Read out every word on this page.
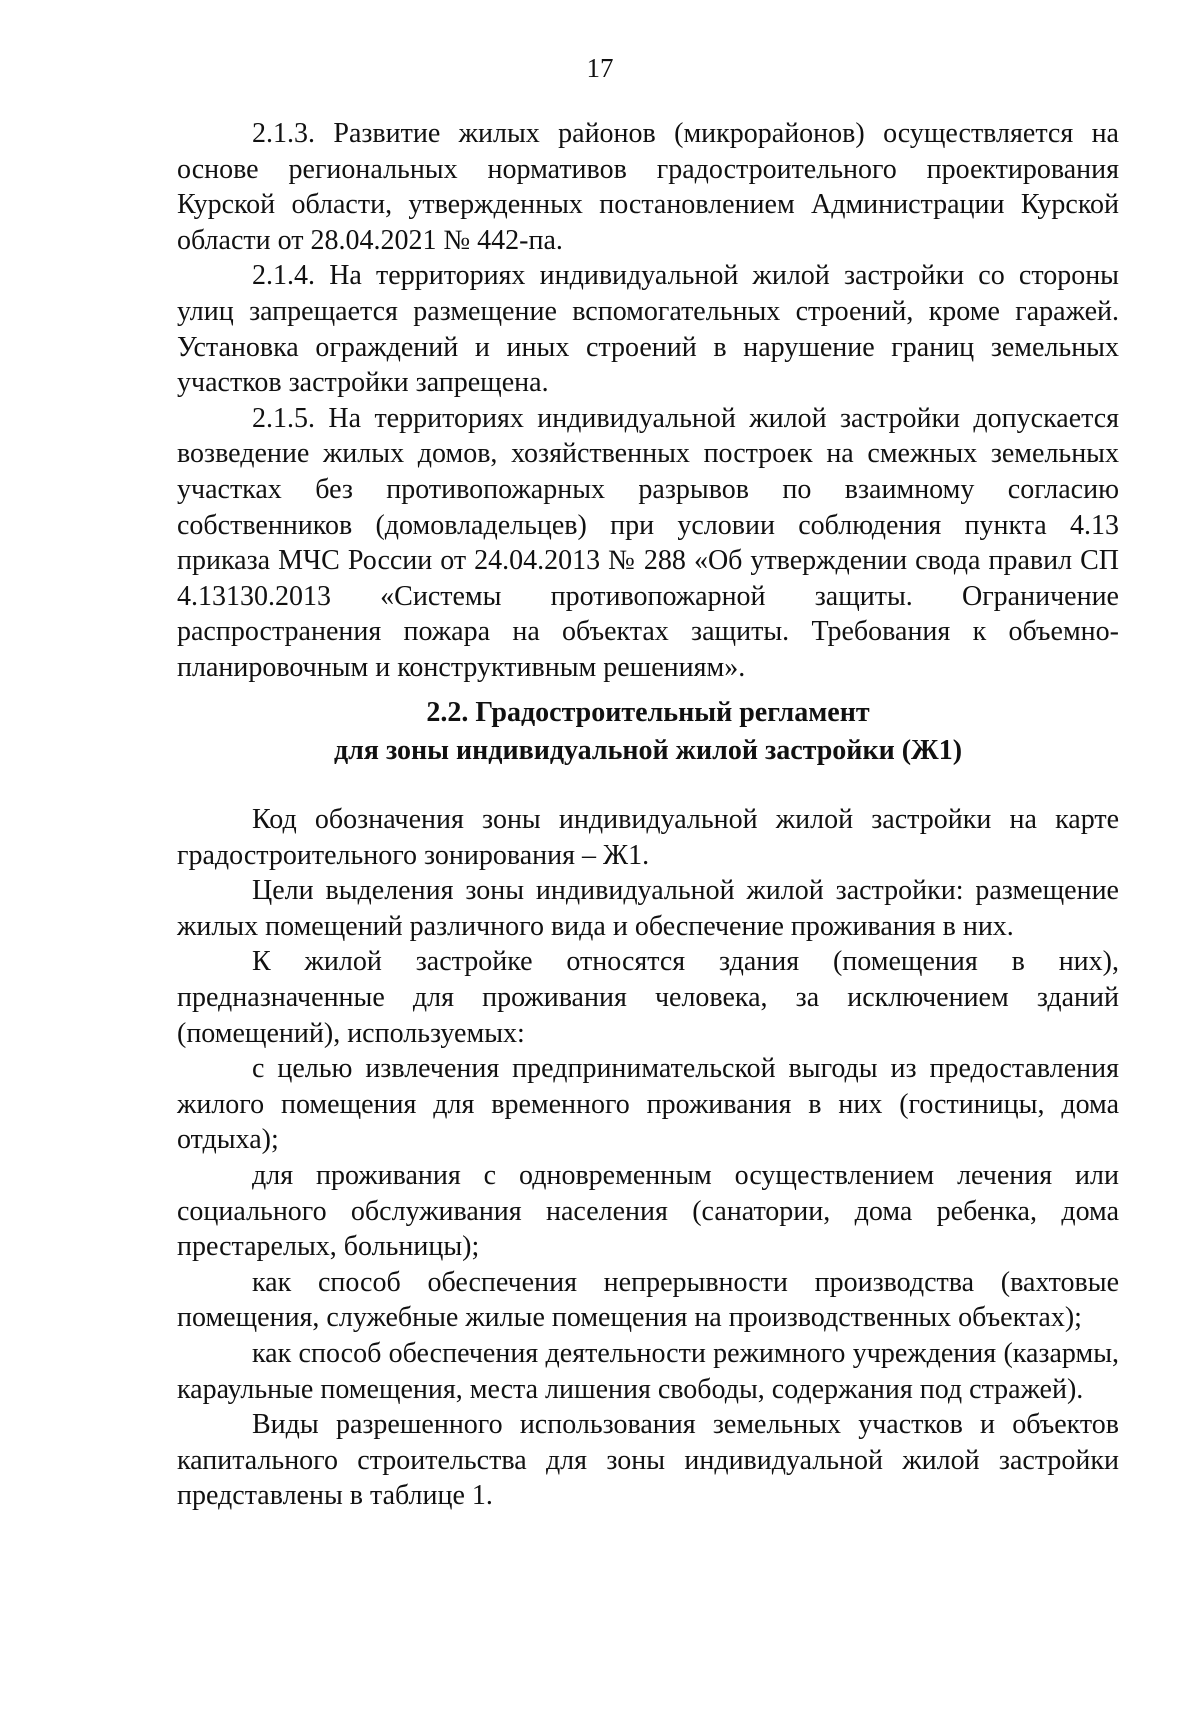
17

2.1.3. Развитие жилых районов (микрорайонов) осуществляется на основе региональных нормативов градостроительного проектирования Курской области, утвержденных постановлением Администрации Курской области от 28.04.2021 № 442-па.

2.1.4. На территориях индивидуальной жилой застройки со стороны улиц запрещается размещение вспомогательных строений, кроме гаражей. Установка ограждений и иных строений в нарушение границ земельных участков застройки запрещена.

2.1.5. На территориях индивидуальной жилой застройки допускается возведение жилых домов, хозяйственных построек на смежных земельных участках без противопожарных разрывов по взаимному согласию собственников (домовладельцев) при условии соблюдения пункта 4.13 приказа МЧС России от 24.04.2013 № 288 «Об утверждении свода правил СП 4.13130.2013 «Системы противопожарной защиты. Ограничение распространения пожара на объектах защиты. Требования к объемно-планировочным и конструктивным решениям».

2.2. Градостроительный регламент
для зоны индивидуальной жилой застройки (Ж1)

Код обозначения зоны индивидуальной жилой застройки на карте градостроительного зонирования – Ж1.

Цели выделения зоны индивидуальной жилой застройки: размещение жилых помещений различного вида и обеспечение проживания в них.

К жилой застройке относятся здания (помещения в них), предназначенные для проживания человека, за исключением зданий (помещений), используемых:

с целью извлечения предпринимательской выгоды из предоставления жилого помещения для временного проживания в них (гостиницы, дома отдыха);

для проживания с одновременным осуществлением лечения или социального обслуживания населения (санатории, дома ребенка, дома престарелых, больницы);

как способ обеспечения непрерывности производства (вахтовые помещения, служебные жилые помещения на производственных объектах);

как способ обеспечения деятельности режимного учреждения (казармы, караульные помещения, места лишения свободы, содержания под стражей).

Виды разрешенного использования земельных участков и объектов капитального строительства для зоны индивидуальной жилой застройки представлены в таблице 1.
